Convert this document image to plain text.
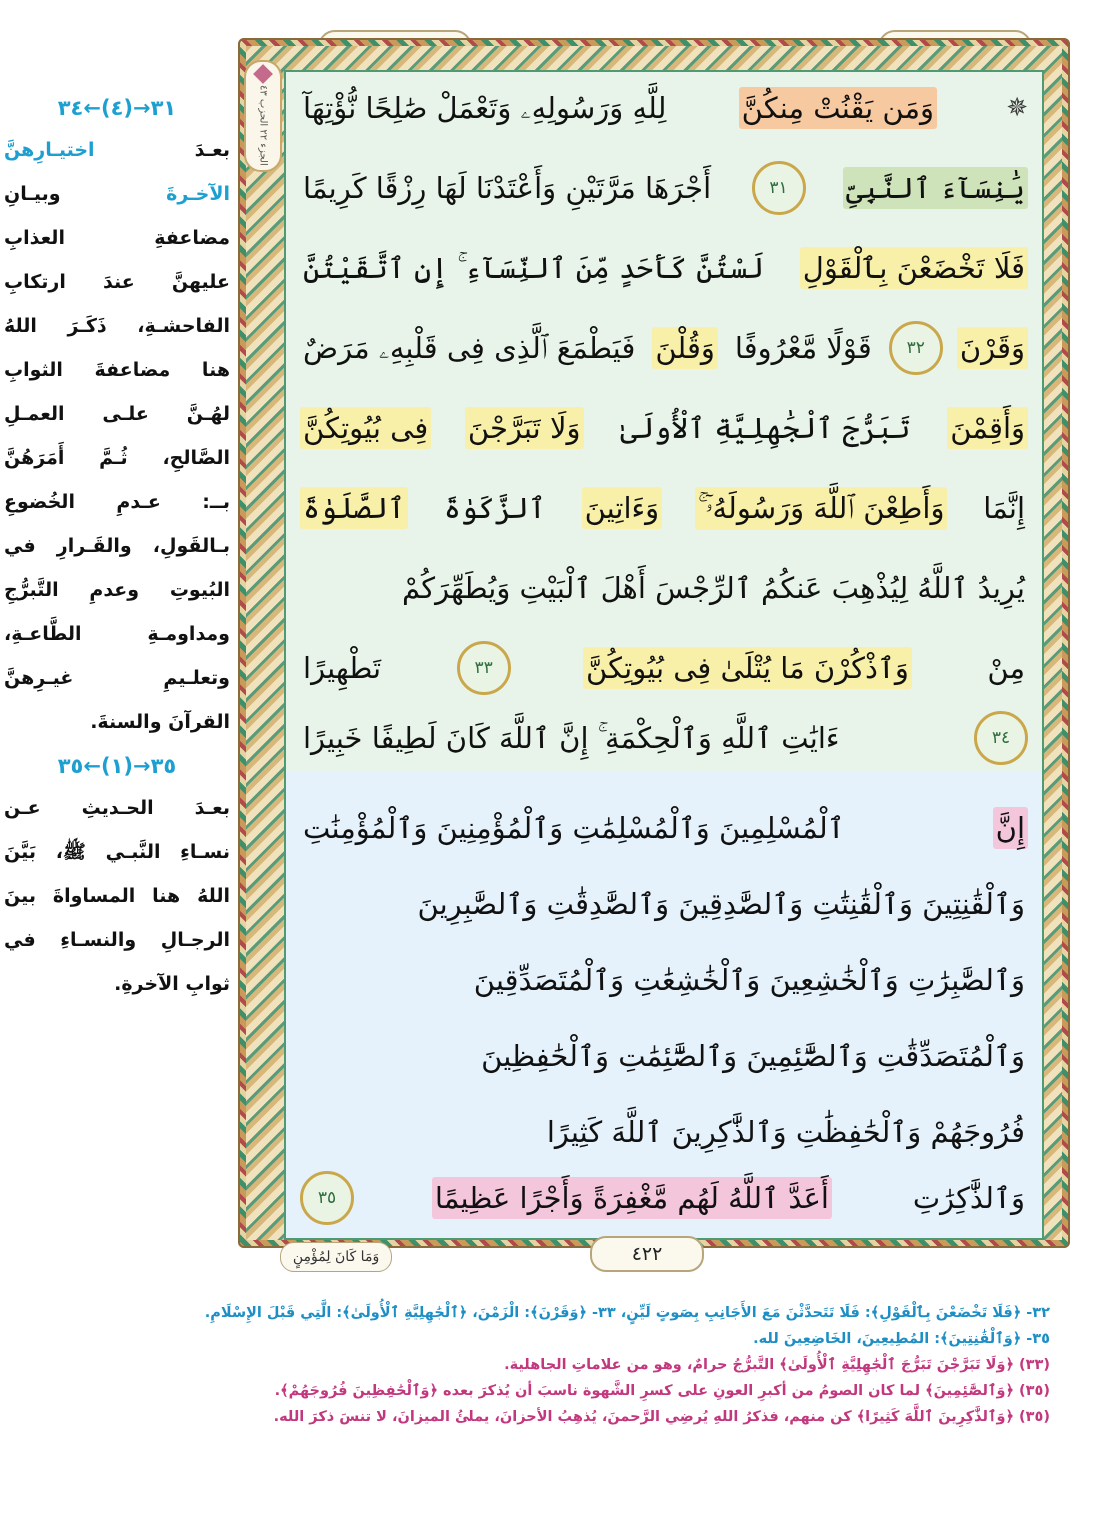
الجزء ٢٢ الحزب ٤٣
✵
وَمَن يَقْنُتْ مِنكُنَّ
لِلَّهِ وَرَسُولِهِۦ وَتَعْمَلْ صَٰلِحًا نُّؤْتِهَآ
يَٰنِسَآءَ ٱلنَّبِىِّ
٣١
أَجْرَهَا مَرَّتَيْنِ وَأَعْتَدْنَا لَهَا رِزْقًا كَرِيمًا
فَلَا تَخْضَعْنَ بِٱلْقَوْلِ
لَسْتُنَّ كَأَحَدٍ مِّنَ ٱلنِّسَآءِ ۚ إِنِ ٱتَّقَيْتُنَّ
وَقَرْنَ
٣٢
قَوْلًا مَّعْرُوفًا
وَقُلْنَ
فَيَطْمَعَ ٱلَّذِى فِى قَلْبِهِۦ مَرَضٌ
وَأَقِمْنَ
تَبَرُّجَ ٱلْجَٰهِلِيَّةِ ٱلْأُولَىٰ
وَلَا تَبَرَّجْنَ
فِى بُيُوتِكُنَّ
إِنَّمَا
وَأَطِعْنَ ٱللَّهَ وَرَسُولَهُۥٓ ۚ
وَءَاتِينَ
ٱلزَّكَوٰةَ
ٱلصَّلَوٰةَ
يُرِيدُ ٱللَّهُ لِيُذْهِبَ عَنكُمُ ٱلرِّجْسَ أَهْلَ ٱلْبَيْتِ وَيُطَهِّرَكُمْ
مِنْ
وَٱذْكُرْنَ مَا يُتْلَىٰ فِى بُيُوتِكُنَّ
٣٣
تَطْهِيرًا
٣٤
ءَايَٰتِ ٱللَّهِ وَٱلْحِكْمَةِ ۚ إِنَّ ٱللَّهَ كَانَ لَطِيفًا خَبِيرًا
إِنَّ
ٱلْمُسْلِمِينَ وَٱلْمُسْلِمَٰتِ وَٱلْمُؤْمِنِينَ وَٱلْمُؤْمِنَٰتِ
وَٱلْقَٰنِتِينَ وَٱلْقَٰنِتَٰتِ وَٱلصَّٰدِقِينَ وَٱلصَّٰدِقَٰتِ وَٱلصَّٰبِرِينَ
وَٱلصَّٰبِرَٰتِ وَٱلْخَٰشِعِينَ وَٱلْخَٰشِعَٰتِ وَٱلْمُتَصَدِّقِينَ
وَٱلْمُتَصَدِّقَٰتِ وَٱلصَّٰٓئِمِينَ وَٱلصَّٰٓئِمَٰتِ وَٱلْحَٰفِظِينَ
فُرُوجَهُمْ وَٱلْحَٰفِظَٰتِ وَٱلذَّٰكِرِينَ ٱللَّهَ كَثِيرًا
وَٱلذَّٰكِرَٰتِ
أَعَدَّ ٱللَّهُ لَهُم مَّغْفِرَةً وَأَجْرًا عَظِيمًا
٣٥
٣١→(٤)←٣٤
بعـدَ اختيـارِهنَّ
الآخـرةَ وبيـانِ
مضاعفةِ العذابِ
عليهنَّ عندَ ارتكابِ
الفاحشـةِ، ذَكَـرَ اللهُ
هنا مضاعفةَ الثوابِ
لهُـنَّ علـى العمـلِ
الصَّالحِ، ثُـمَّ أَمَرَهُنَّ
بــ: عـدمِ الخُضوعِ
بـالقَولِ، والقَـرارِ في
البُيوتِ وعدمِ التَّبرُّجِ
ومداومـةِ الطَّاعـةِ،
وتعلـيمِ غيـرِهنَّ
القرآنَ والسنةَ.
٣٥→(١)←٣٥
بعـدَ الحـديثِ عـن
نسـاءِ النَّبـي ﷺ، بَيَّنَ
اللهُ هنا المساواةَ بينَ
الرجـالِ والنسـاءِ في
ثوابِ الآخرةِ.
٤٢٢
وَمَا كَانَ لِمُؤْمِنٍ
٣٢- ﴿فَلَا تَخْضَعْنَ بِٱلْقَوْلِ﴾: فَلَا تَتَحدَّثْنَ مَعَ الأَجَانِبِ بِصَوتٍ لَيِّنٍ، ٣٣- ﴿وَقَرْنَ﴾: الْزَمْنَ، ﴿ٱلْجَٰهِلِيَّةِ ٱلْأُولَىٰ﴾: الَّتِي قَبْلَ الإِسْلَامِ.
٣٥- ﴿وَٱلْقَٰنِتِينَ﴾: المُطِيعِينَ، الخَاضِعِينَ لله.
(٣٣) ﴿وَلَا تَبَرَّجْنَ تَبَرُّجَ ٱلْجَٰهِلِيَّةِ ٱلْأُولَىٰ﴾ التَّبرُّجُ حرامٌ، وهو من علاماتِ الجاهلية.
(٣٥) ﴿وَٱلصَّٰٓئِمِينَ﴾ لما كان الصومُ من أكبرِ العونِ على كسرِ الشَّهوة ناسبَ أن يُذكرَ بعده ﴿وَٱلْحَٰفِظِينَ فُرُوجَهُمْ﴾.
(٣٥) ﴿وَٱلذَّٰكِرِينَ ٱللَّهَ كَثِيرًا﴾ كن منهم، فذكرُ اللهِ يُرضِي الرَّحمنَ، يُذهِبُ الأحزانَ، يملئُ الميزانَ، لا تنسَ ذكرَ الله.
